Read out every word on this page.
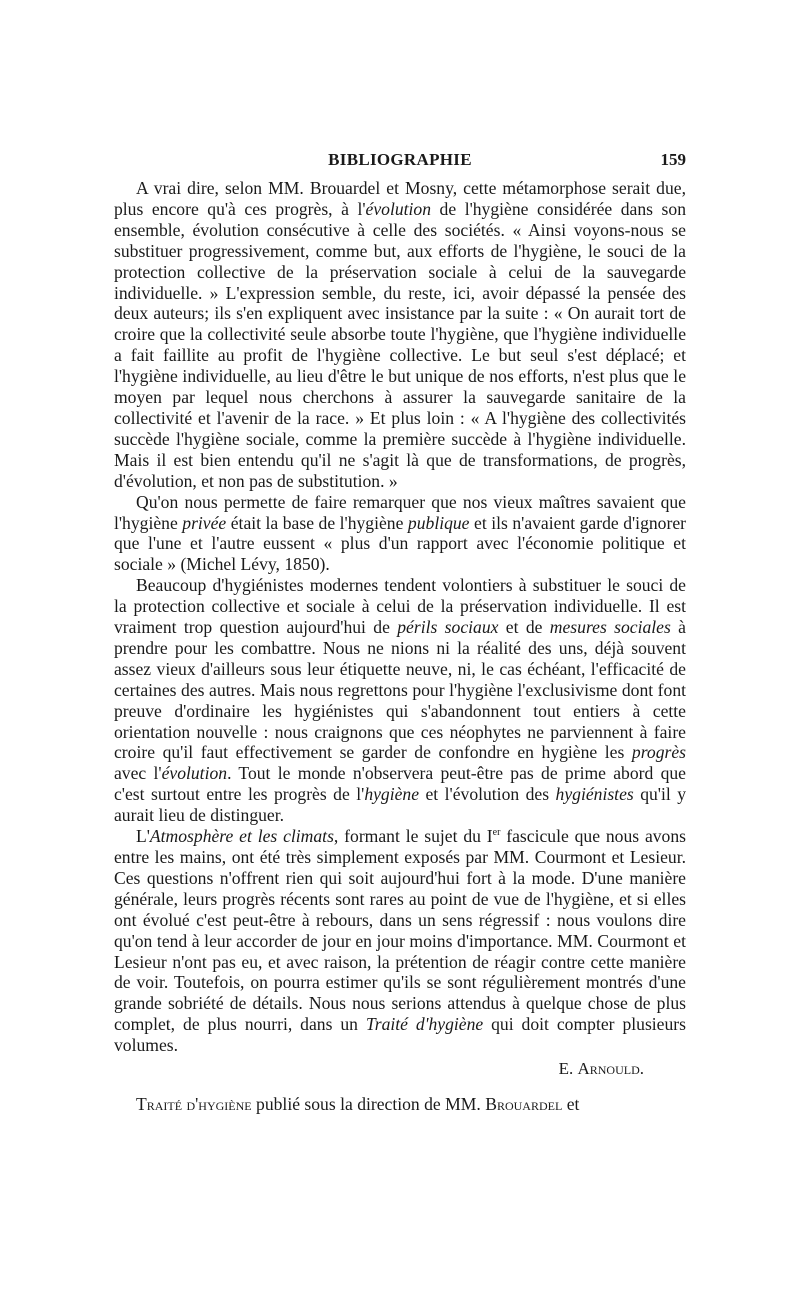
BIBLIOGRAPHIE	159

A vrai dire, selon MM. Brouardel et Mosny, cette métamorphose serait due, plus encore qu'à ces progrès, à l'évolution de l'hygiène considérée dans son ensemble, évolution consécutive à celle des sociétés. « Ainsi voyons-nous se substituer progressivement, comme but, aux efforts de l'hygiène, le souci de la protection collective de la préservation sociale à celui de la sauvegarde individuelle. » L'expression semble, du reste, ici, avoir dépassé la pensée des deux auteurs; ils s'en expliquent avec insistance par la suite : « On aurait tort de croire que la collectivité seule absorbe toute l'hygiène, que l'hygiène individuelle a fait faillite au profit de l'hygiène collective. Le but seul s'est déplacé; et l'hygiène individuelle, au lieu d'être le but unique de nos efforts, n'est plus que le moyen par lequel nous cherchons à assurer la sauvegarde sanitaire de la collectivité et l'avenir de la race. » Et plus loin : « A l'hygiène des collectivités succède l'hygiène sociale, comme la première succède à l'hygiène individuelle. Mais il est bien entendu qu'il ne s'agit là que de transformations, de progrès, d'évolution, et non pas de substitution. »

Qu'on nous permette de faire remarquer que nos vieux maîtres savaient que l'hygiène privée était la base de l'hygiène publique et ils n'avaient garde d'ignorer que l'une et l'autre eussent « plus d'un rapport avec l'économie politique et sociale » (Michel Lévy, 1850).

Beaucoup d'hygiénistes modernes tendent volontiers à substituer le souci de la protection collective et sociale à celui de la préservation individuelle. Il est vraiment trop question aujourd'hui de périls sociaux et de mesures sociales à prendre pour les combattre. Nous ne nions ni la réalité des uns, déjà souvent assez vieux d'ailleurs sous leur étiquette neuve, ni, le cas échéant, l'efficacité de certaines des autres. Mais nous regrettons pour l'hygiène l'exclusivisme dont font preuve d'ordinaire les hygiénistes qui s'abandonnent tout entiers à cette orientation nouvelle : nous craignons que ces néophytes ne parviennent à faire croire qu'il faut effectivement se garder de confondre en hygiène les progrès avec l'évolution. Tout le monde n'observera peut-être pas de prime abord que c'est surtout entre les progrès de l'hygiène et l'évolution des hygiénistes qu'il y aurait lieu de distinguer.

L'Atmosphère et les climats, formant le sujet du Ier fascicule que nous avons entre les mains, ont été très simplement exposés par MM. Courmont et Lesieur. Ces questions n'offrent rien qui soit aujourd'hui fort à la mode. D'une manière générale, leurs progrès récents sont rares au point de vue de l'hygiène, et si elles ont évolué c'est peut-être à rebours, dans un sens régressif : nous voulons dire qu'on tend à leur accorder de jour en jour moins d'importance. MM. Courmont et Lesieur n'ont pas eu, et avec raison, la prétention de réagir contre cette manière de voir. Toutefois, on pourra estimer qu'ils se sont régulièrement montrés d'une grande sobriété de détails. Nous nous serions attendus à quelque chose de plus complet, de plus nourri, dans un Traité d'hygiène qui doit compter plusieurs volumes.

E. Arnould.
Traité d'hygiène publié sous la direction de MM. Brouardel et
